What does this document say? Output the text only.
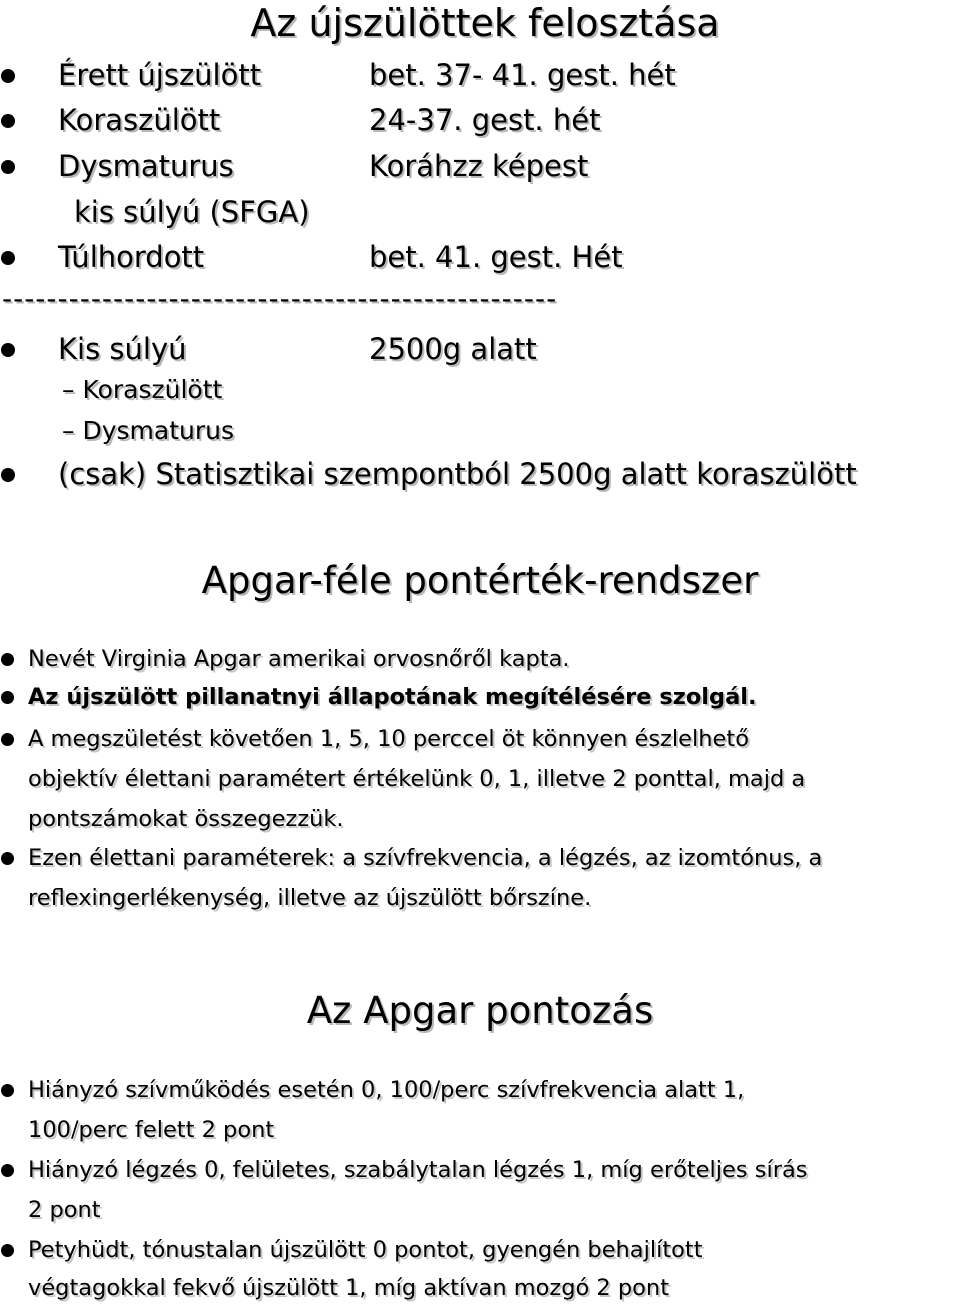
Az újszülöttek felosztása
Érett újszülött	bet. 37- 41. gest. hét
Koraszülött	24-37. gest. hét
Dysmaturus	Koráhzz képest
kis súlyú (SFGA)
Túlhordott	bet. 41. gest. Hét
--------------------------------------------------
Kis súlyú	2500g alatt
– Koraszülött
– Dysmaturus
(csak) Statisztikai szempontból 2500g alatt koraszülött
Apgar-féle pontérték-rendszer
Nevét Virginia Apgar amerikai orvosnőről kapta.
Az újszülött pillanatnyi állapotának megítélésére szolgál.
A megszületést követően 1, 5, 10 perccel öt könnyen észlelhető
objektív élettani paramétert értékelünk 0, 1, illetve 2 ponttal, majd a
pontszámokat összegezzük.
Ezen élettani paraméterek: a szívfrekvencia, a légzés, az izomtónus, a
reflexingerlékenység, illetve az újszülött bőrszíne.
Az Apgar pontozás
Hiányzó szívműködés esetén 0, 100/perc szívfrekvencia alatt 1,
100/perc felett 2 pont
Hiányzó légzés 0, felületes, szabálytalan légzés 1, míg erőteljes sírás
2 pont
Petyhüdt, tónustalan újszülött 0 pontot, gyengén behajlított
végtagokkal fekvő újszülött 1, míg aktívan mozgó 2 pont
